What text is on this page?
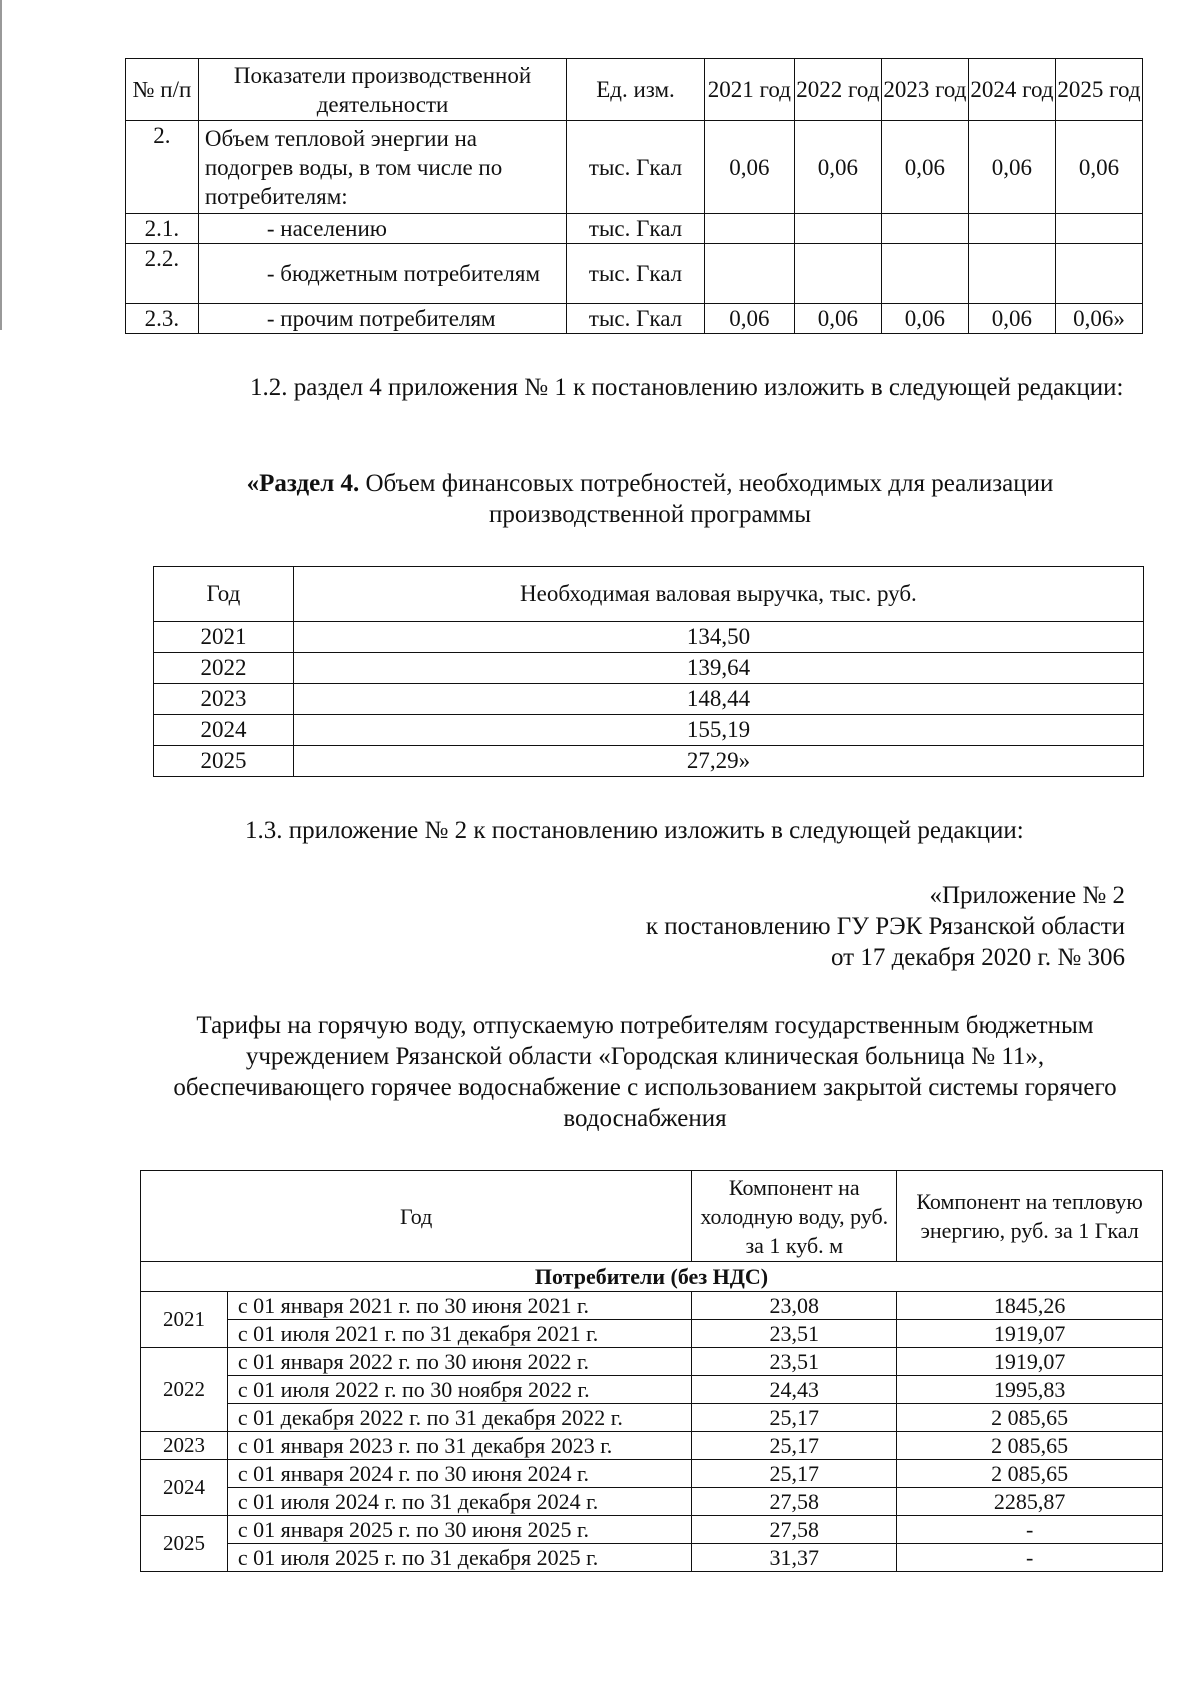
№ п/п	Показатели производственной деятельности	Ед. изм.	2021 год	2022 год	2023 год	2024 год	2025 год
2.	Объем тепловой энергии на подогрев воды, в том числе по потребителям:	тыс. Гкал	0,06	0,06	0,06	0,06	0,06
2.1.	- населению	тыс. Гкал					
2.2.	- бюджетным потребителям	тыс. Гкал					
2.3.	- прочим потребителям	тыс. Гкал	0,06	0,06	0,06	0,06	0,06»
1.2. раздел 4 приложения № 1 к постановлению изложить в следующей редакции:
«Раздел 4. Объем финансовых потребностей, необходимых для реализации производственной программы
Год	Необходимая валовая выручка, тыс. руб.
2021	134,50
2022	139,64
2023	148,44
2024	155,19
2025	27,29»
1.3. приложение № 2 к постановлению изложить в следующей редакции:
«Приложение № 2
к постановлению ГУ РЭК Рязанской области
от 17 декабря 2020 г. № 306
Тарифы на горячую воду, отпускаемую потребителям государственным бюджетным учреждением Рязанской области «Городская клиническая больница № 11», обеспечивающего горячее водоснабжение с использованием закрытой системы горячего водоснабжения
Год		Компонент на холодную воду, руб. за 1 куб. м	Компонент на тепловую энергию, руб. за 1 Гкал
Потребители (без НДС)			
2021	с 01 января 2021 г. по 30 июня 2021 г.	23,08	1845,26
	с 01 июля 2021 г. по 31 декабря 2021 г.	23,51	1919,07
2022	с 01 января 2022 г. по 30 июня 2022 г.	23,51	1919,07
	с 01 июля 2022 г. по 30 ноября 2022 г.	24,43	1995,83
	с 01 декабря 2022 г. по 31 декабря 2022 г.	25,17	2 085,65
2023	с 01 января 2023 г. по 31 декабря 2023 г.	25,17	2 085,65
2024	с 01 января 2024 г. по 30 июня 2024 г.	25,17	2 085,65
	с 01 июля 2024 г. по 31 декабря 2024 г.	27,58	2285,87
2025	с 01 января 2025 г. по 30 июня 2025 г.	27,58	-
	с 01 июля 2025 г. по 31 декабря 2025 г.	31,37	-
